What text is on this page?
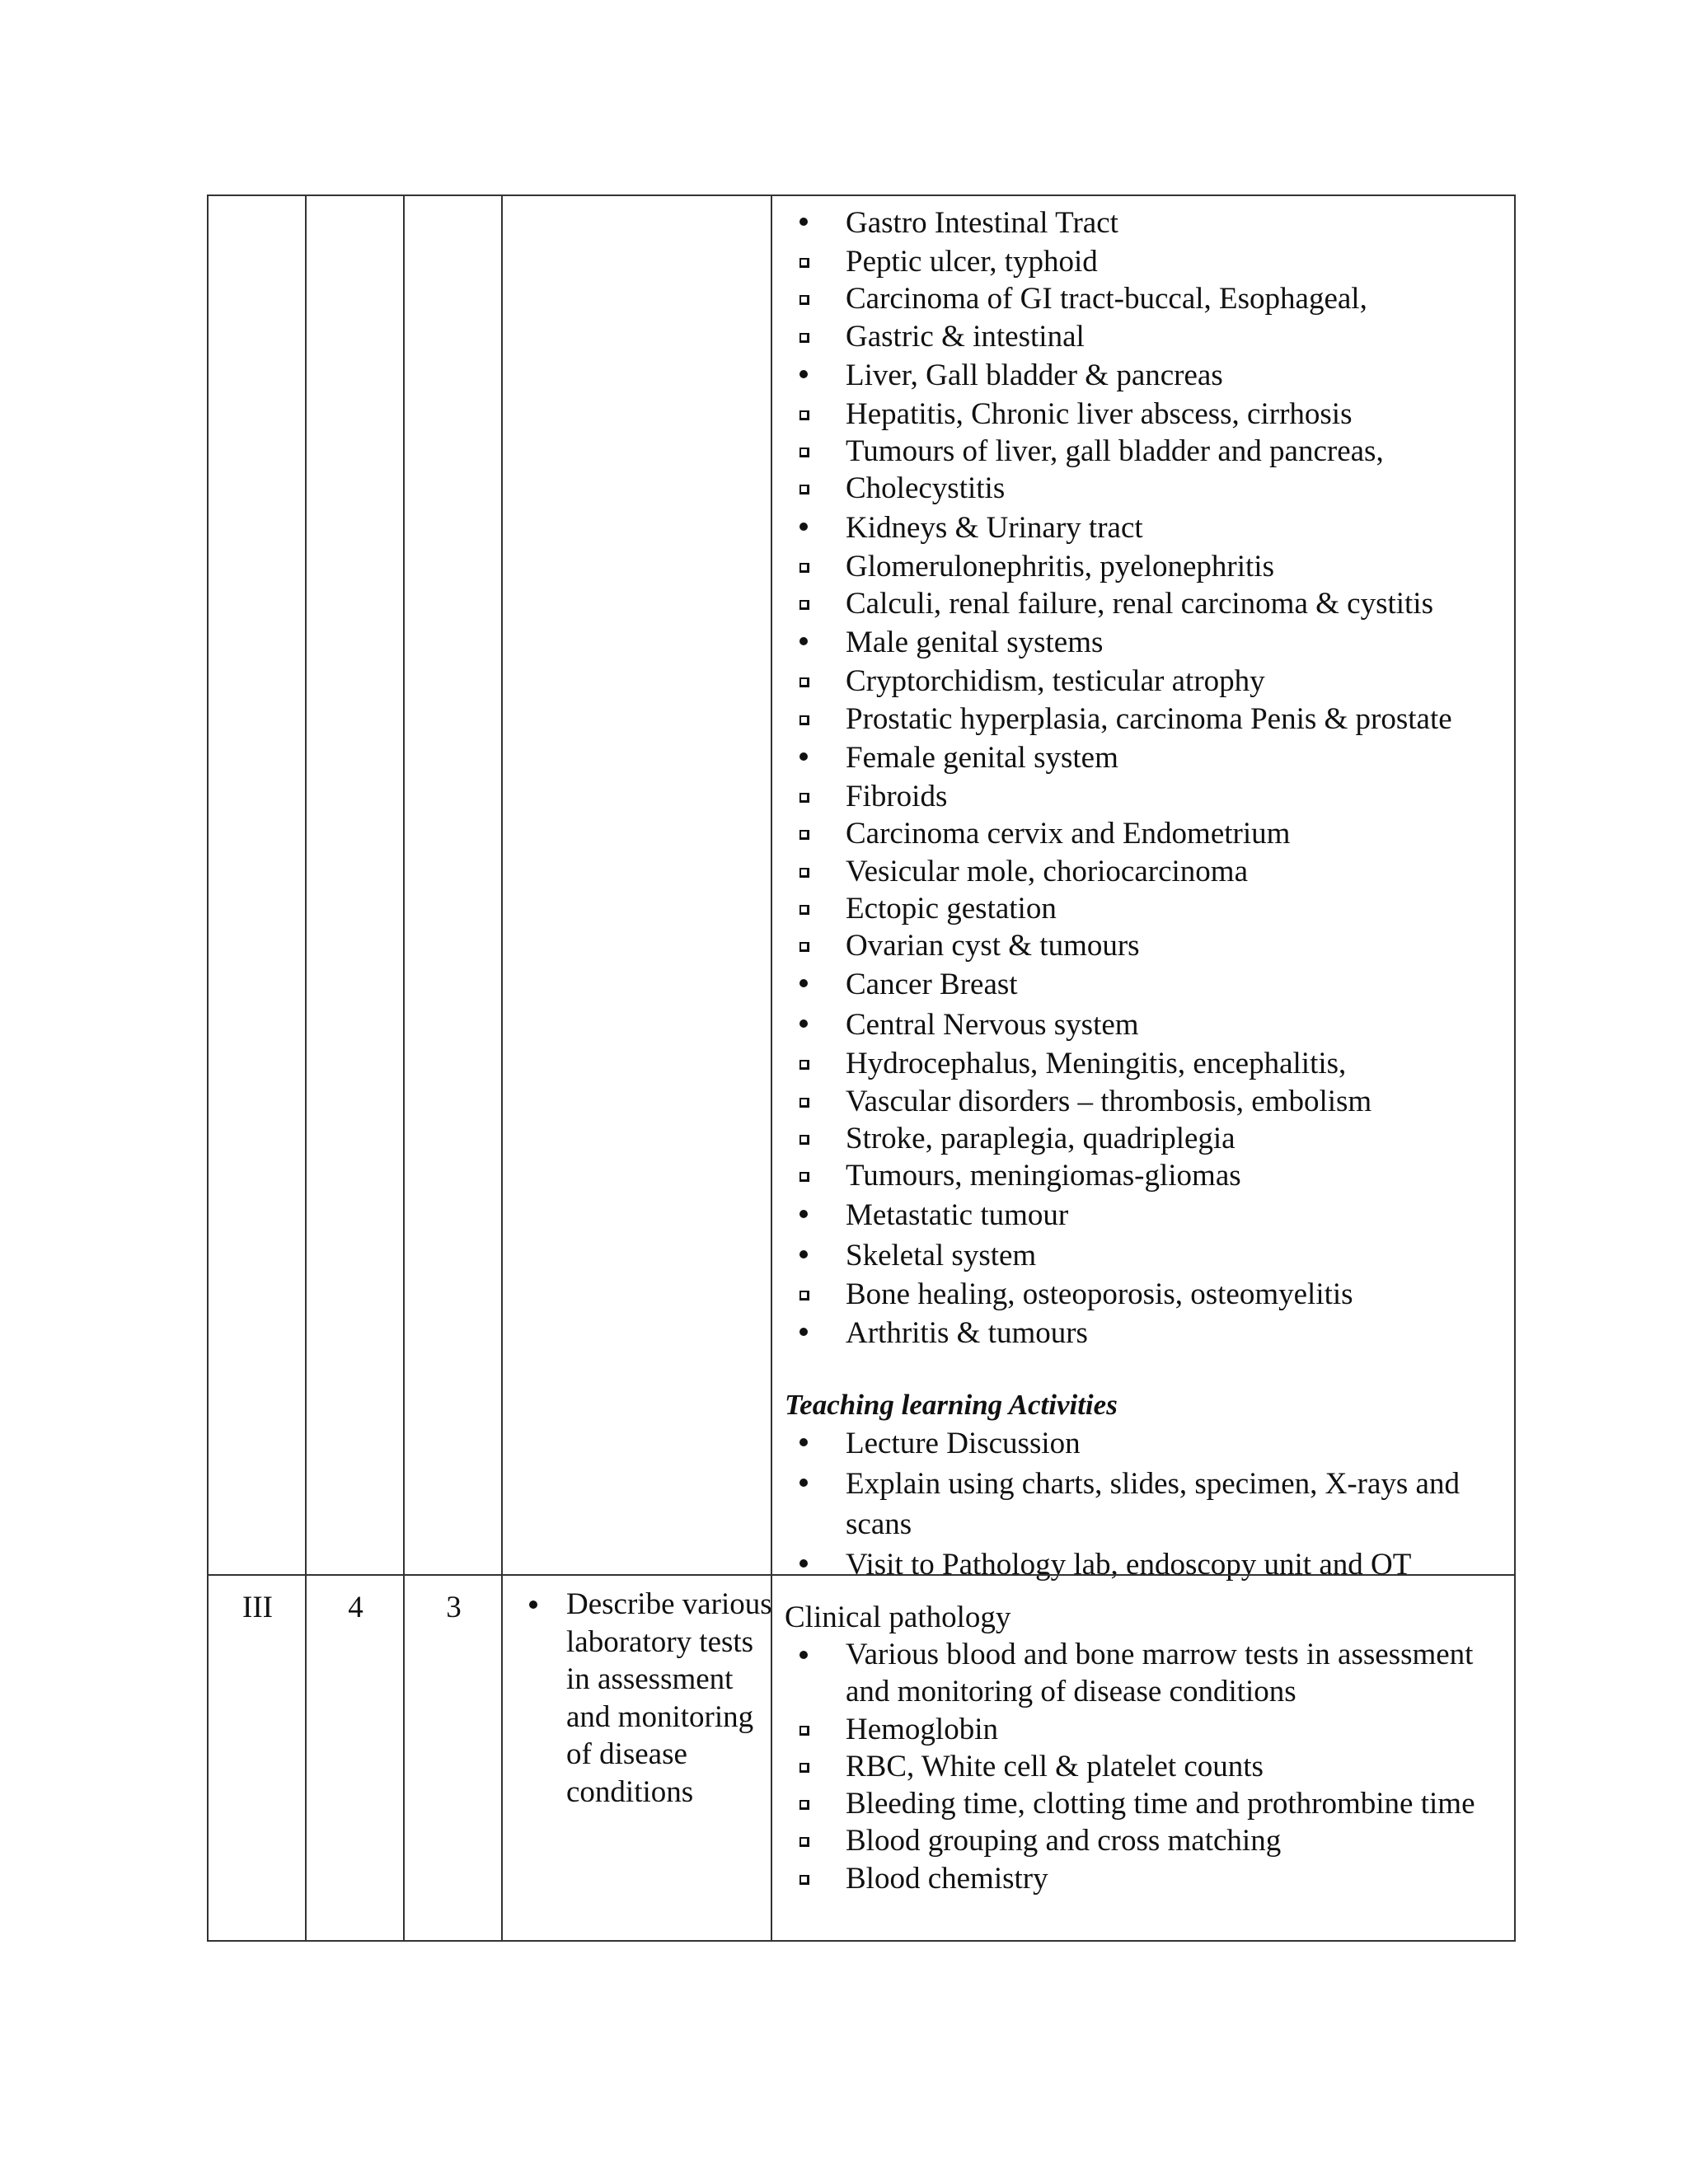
Gastro Intestinal Tract
Peptic ulcer, typhoid
Carcinoma of GI tract-buccal, Esophageal,
Gastric & intestinal
Liver, Gall bladder & pancreas
Hepatitis, Chronic liver abscess, cirrhosis
Tumours of liver, gall bladder and pancreas,
Cholecystitis
Kidneys & Urinary tract
Glomerulonephritis, pyelonephritis
Calculi, renal failure, renal carcinoma & cystitis
Male genital systems
Cryptorchidism, testicular atrophy
Prostatic hyperplasia, carcinoma Penis & prostate
Female genital system
Fibroids
Carcinoma cervix and Endometrium
Vesicular mole, choriocarcinoma
Ectopic gestation
Ovarian cyst & tumours
Cancer Breast
Central Nervous system
Hydrocephalus, Meningitis, encephalitis,
Vascular disorders – thrombosis, embolism
Stroke, paraplegia, quadriplegia
Tumours, meningiomas-gliomas
Metastatic tumour
Skeletal system
Bone healing, osteoporosis, osteomyelitis
Arthritis & tumours
Teaching learning Activities
Lecture Discussion
Explain using charts, slides, specimen, X-rays and scans
Visit to Pathology lab, endoscopy unit and OT
III	4	3	Describe various laboratory tests in assessment and monitoring of disease conditions
Clinical pathology
Various blood and bone marrow tests in assessment and monitoring of disease conditions
Hemoglobin
RBC, White cell & platelet counts
Bleeding time, clotting time and prothrombine time
Blood grouping and cross matching
Blood chemistry
